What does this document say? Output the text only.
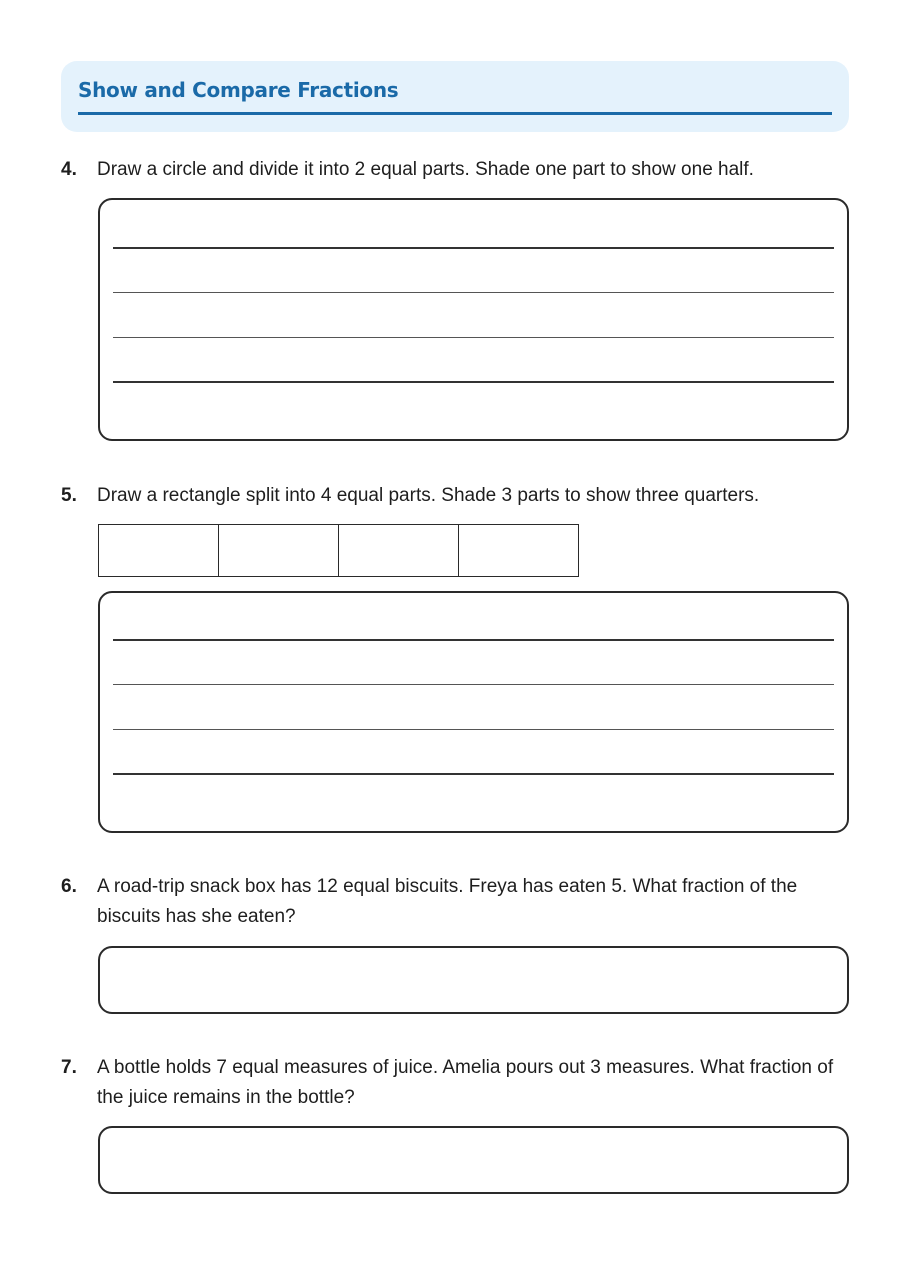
Show and Compare Fractions
4. Draw a circle and divide it into 2 equal parts. Shade one part to show one half.
5. Draw a rectangle split into 4 equal parts. Shade 3 parts to show three quarters.
6. A road-trip snack box has 12 equal biscuits. Freya has eaten 5. What fraction of the biscuits has she eaten?
7. A bottle holds 7 equal measures of juice. Amelia pours out 3 measures. What fraction of the juice remains in the bottle?
